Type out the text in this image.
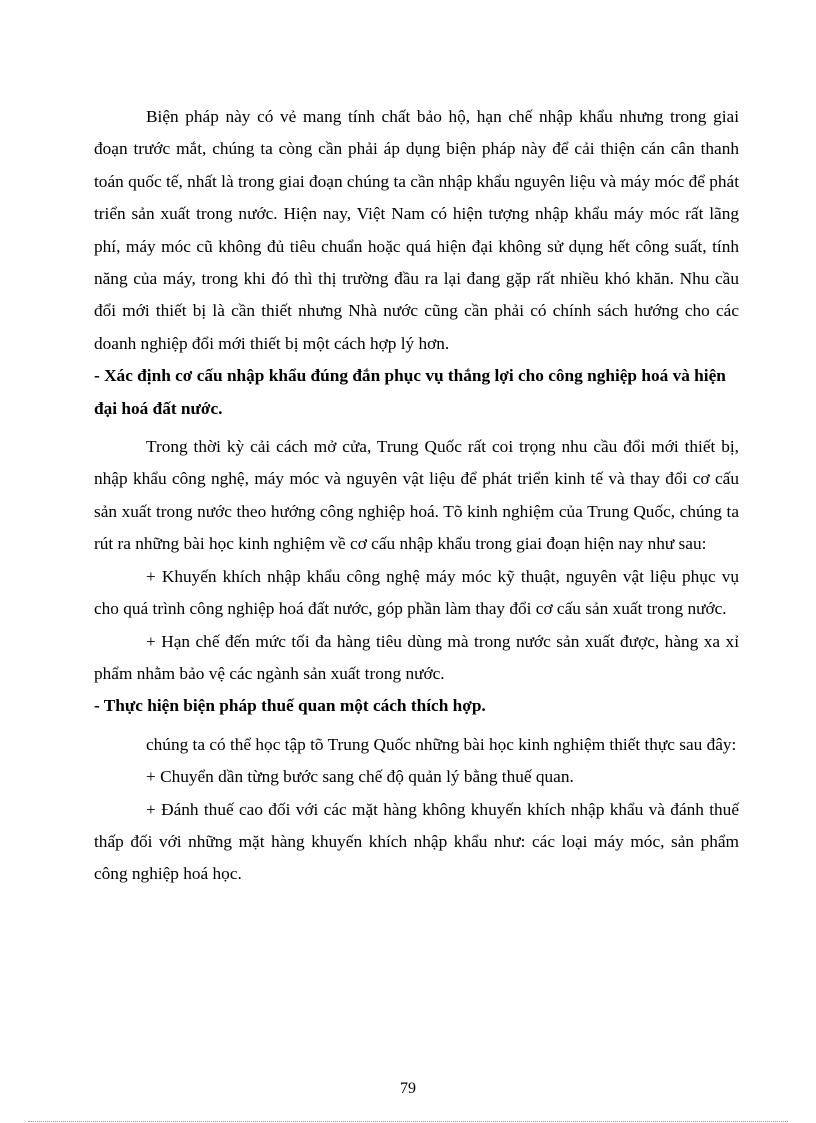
Biện pháp này có vẻ mang tính chất bảo hộ, hạn chế nhập khẩu nhưng trong giai đoạn trước mắt, chúng ta còng cần phải áp dụng biện pháp này để cải thiện cán cân thanh toán quốc tế, nhất là trong giai đoạn chúng ta cần nhập khẩu nguyên liệu và máy móc để phát triển sản xuất trong nước. Hiện nay, Việt Nam có hiện tượng nhập khẩu máy móc rất lãng phí, máy móc cũ không đủ tiêu chuẩn hoặc quá hiện đại không sử dụng hết công suất, tính năng của máy, trong khi đó thì thị trường đầu ra lại đang gặp rất nhiều khó khăn. Nhu cầu đổi mới thiết bị là cần thiết nhưng Nhà nước cũng cần phải có chính sách hướng cho các doanh nghiệp đổi mới thiết bị một cách hợp lý hơn.

- Xác định cơ cấu nhập khẩu đúng đắn phục vụ thắng lợi cho công nghiệp hoá và hiện đại hoá đất nước.

Trong thời kỳ cải cách mở cửa, Trung Quốc rất coi trọng nhu cầu đổi mới thiết bị, nhập khẩu công nghệ, máy móc và nguyên vật liệu để phát triển kinh tế và thay đổi cơ cấu sản xuất trong nước theo hướng công nghiệp hoá. Tõ kinh nghiệm của Trung Quốc, chúng ta rút ra những bài học kinh nghiệm về cơ cấu nhập khẩu trong giai đoạn hiện nay như sau:

+ Khuyến khích nhập khẩu công nghệ máy móc kỹ thuật, nguyên vật liệu phục vụ cho quá trình công nghiệp hoá đất nước, góp phần làm thay đổi cơ cấu sản xuất trong nước.

+ Hạn chế đến mức tối đa hàng tiêu dùng mà trong nước sản xuất được, hàng xa xỉ phẩm nhằm bảo vệ các ngành sản xuất trong nước.

- Thực hiện biện pháp thuế quan một cách thích hợp.

chúng ta có thể học tập tõ Trung Quốc những bài học kinh nghiệm thiết thực sau đây:

+ Chuyển dần từng bước sang chế độ quản lý bằng thuế quan.

+ Đánh thuế cao đối với các mặt hàng không khuyến khích nhập khẩu và đánh thuế thấp đối với những mặt hàng khuyến khích nhập khẩu như: các loại máy móc, sản phẩm công nghiệp hoá học.

79
